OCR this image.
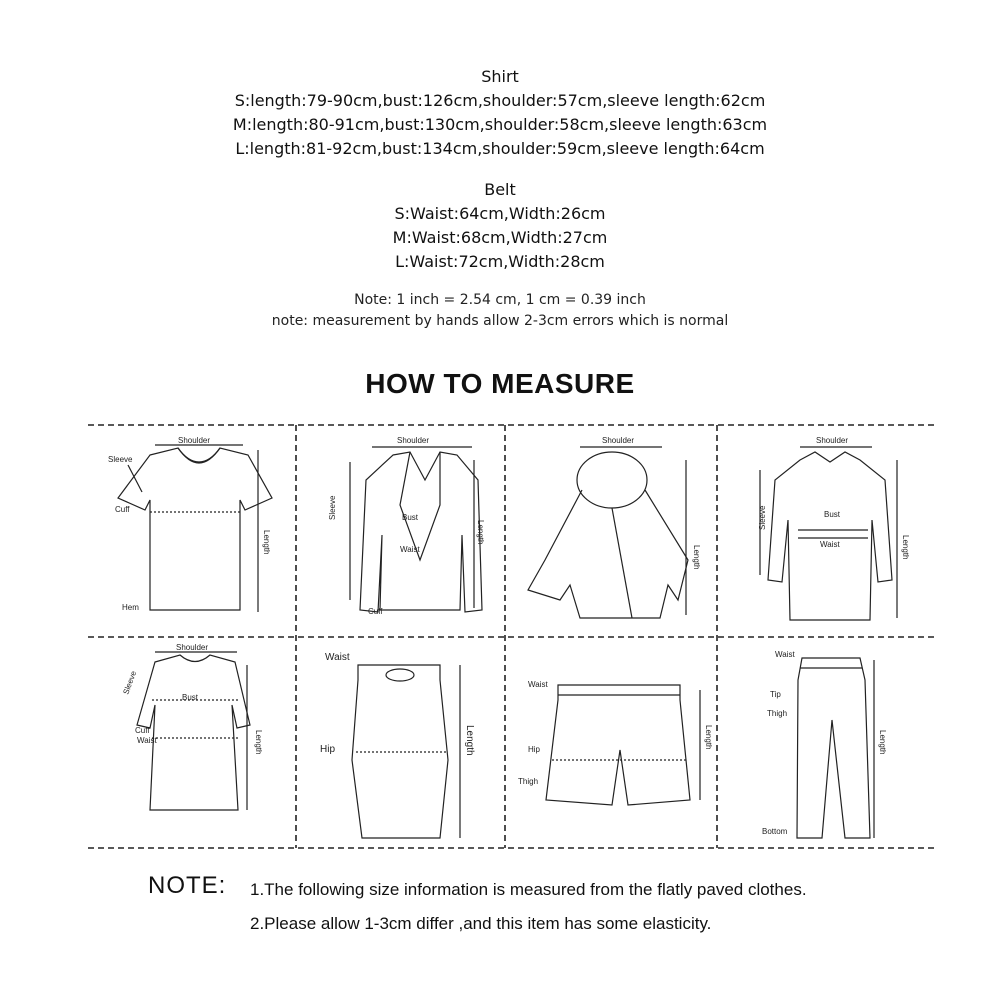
Shirt
S:length:79-90cm,bust:126cm,shoulder:57cm,sleeve length:62cm
M:length:80-91cm,bust:130cm,shoulder:58cm,sleeve length:63cm
L:length:81-92cm,bust:134cm,shoulder:59cm,sleeve length:64cm
Belt
S:Waist:64cm,Width:26cm
M:Waist:68cm,Width:27cm
L:Waist:72cm,Width:28cm
Note: 1 inch = 2.54 cm, 1 cm = 0.39 inch
note: measurement by hands allow 2-3cm errors which is normal
HOW TO MEASURE
Shoulder
Sleeve
Cuff
Hem
Length
Shoulder
Bust
Waist
Cuff
Length
Sleeve
Shoulder
Length
Shoulder
Bust
Waist	Length
Sleeve
Shoulder
Bust
Cuff
Waist
Sleeve
Length
Waist
Hip	Length
Waist
Hip
Thigh
Length
Waist
Tip
Thigh
Bottom
Length
NOTE: 1.The following size information is measured from the flatly paved clothes.
2.Please allow 1-3cm differ ,and this item has some elasticity.
